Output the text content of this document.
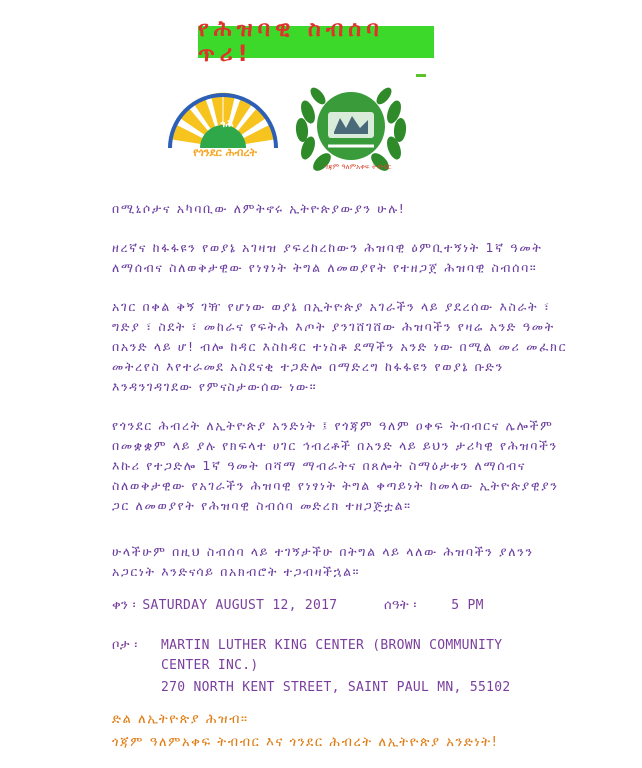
የሕዝባዊ ስብሰባ ጥሪ!
ጎሕ
የጎንደር ሕብረት
ጎጃም ዓለምአቀፍ ትብብር

በሚኒሶታና አካባቢው ለምትኖሩ ኢትዮጵያውያን ሁሉ!

ዘረኛና ከፋፋዩን የወያኔ አገዛዝ ያፍረከረከውን ሕዝባዊ ዕምቢተኝነት 1ኛ ዓመት ለማሰብና ስለወቅታዊው የነፃነት ትግል ለመወያየት የተዘጋጀ ሕዝባዊ ስብሰባ።

አገር በቀል ቅኝ ገዥ የሆነው ወያኔ በኢትዮጵያ አገራችን ላይ ያደረሰው እስራት ፣ ግድያ ፣ ስደት ፣ መከራና የፍትሕ እጦት ያንገሸገሸው ሕዝባችን የዛሬ አንድ ዓመት በአንድ ላይ ሆ! ብሎ ከዳር እስከዳር ተነስቶ ደማችን አንድ ነው በሚል መሪ መፈክር መትረየስ እየተራመደ አስደናቂ ተጋድሎ በማድረግ ከፋፋዩን የወያኔ ቡድን እንዳንገዳገደው የምናስታውሰው ነው።

የጎንደር ሕብረት ለኢትዮጵያ አንድነት ፤ የጎጃም ዓለም ዐቀፍ ትብብርና ሌሎችም በመቋቋም ላይ ያሉ የክፍላተ ሀገር ኅብረቶች በአንድ ላይ ይህን ታሪካዊ የሕዝባችን እኩሪ የተጋድሎ 1ኛ ዓመት በሻማ ማብራትና በጸሎት ስማዕታቱን ለማሰብና ስለወቅታዊው የአገራችን ሕዝባዊ የነፃነት ትግል ቀጣይነት ከመላው ኢትዮጵያዊያን ጋር ለመወያየት የሕዝባዊ ስብሰባ መድረክ ተዘጋጅቷል።

ሁላችሁም በዚህ ስብሰባ ላይ ተገኝታችሁ በትግል ላይ ላለው ሕዝባችን ያለንን አጋርነት እንድናሳይ በአክብሮት ተጋብዛችኋል።

ቀን ፡ SATURDAY AUGUST 12, 2017	ሰዓት ፡	5 PM
ቦታ ፡ MARTIN LUTHER KING CENTER (BROWN COMMUNITY
CENTER INC.)
270 NORTH KENT STREET, SAINT PAUL MN, 55102
ድል ለኢትዮጵያ ሕዝብ።
ጎጃም ዓለምአቀፍ ትብብር እና ጎንደር ሕብረት ለኢትዮጵያ አንድነት!
